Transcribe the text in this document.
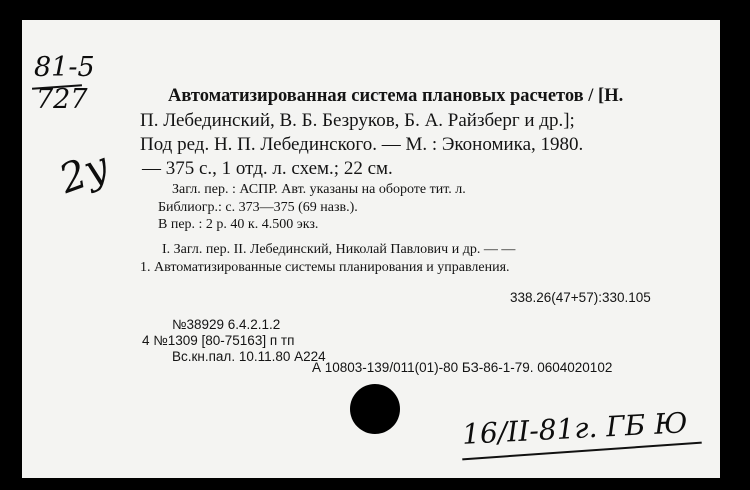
81-5
727
2у
Автоматизированная система плановых расчетов / [Н.
П. Лебединский, В. Б. Безруков, Б. А. Райзберг и др.];
Под ред. Н. П. Лебединского. — М. : Экономика, 1980.
— 375 с., 1 отд. л. схем.; 22 см.
Загл. пер. : АСПР. Авт. указаны на обороте тит. л.
Библиогр.: с. 373—375 (69 назв.).
В пер. : 2 р. 40 к. 4.500 экз.
I. Загл. пер. II. Лебединский, Николай Павлович и др. — —
1. Автоматизированные системы планирования и управления.
338.26(47+57):330.105
№38929 6.4.2.1.2
4 №1309 [80-75163] п тп
Вс.кн.пал. 10.11.80 А224
А 10803-139/011(01)-80 БЗ-86-1-79. 0604020102
16/II-81г. ГБ Ю
